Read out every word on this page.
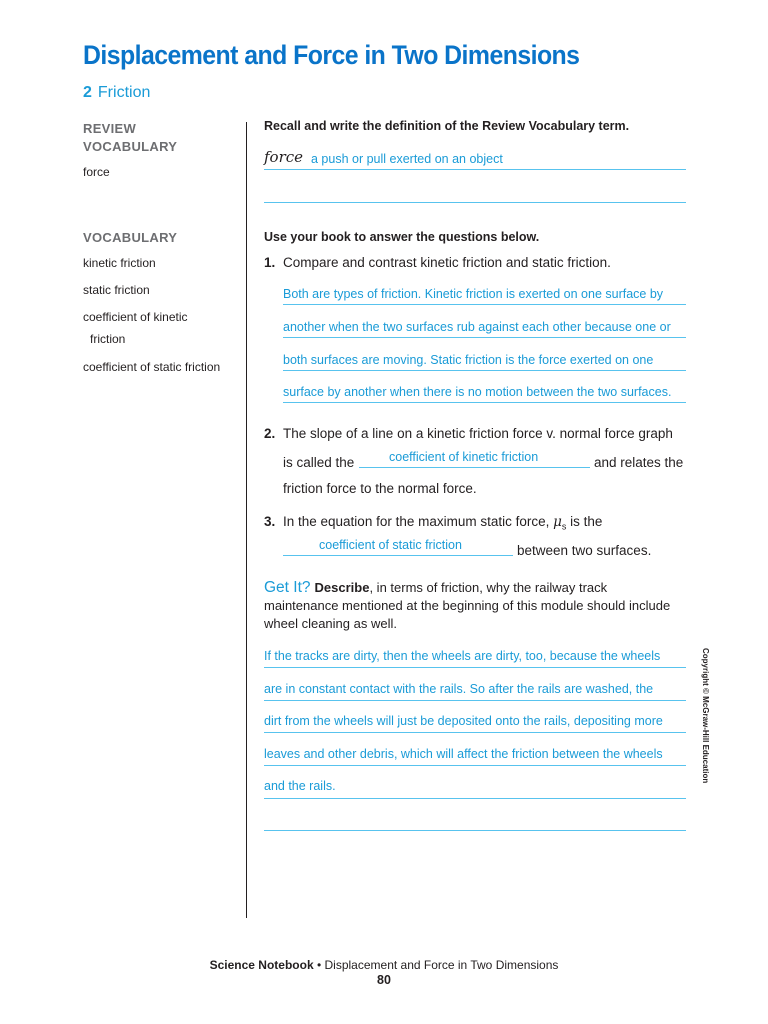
Displacement and Force in Two Dimensions
2 Friction
REVIEW
VOCABULARY
force
VOCABULARY
kinetic friction
static friction
coefficient of kinetic
friction
coefficient of static friction
Recall and write the definition of the Review Vocabulary term.
force a push or pull exerted on an object
Use your book to answer the questions below.
1. Compare and contrast kinetic friction and static friction.
Both are types of friction. Kinetic friction is exerted on one surface by
another when the two surfaces rub against each other because one or
both surfaces are moving. Static friction is the force exerted on one
surface by another when there is no motion between the two surfaces.
2. The slope of a line on a kinetic friction force v. normal force graph
is called the	coefficient of kinetic friction	and relates the
friction force to the normal force.
3. In the equation for the maximum static force, $\mu_s$ is the
coefficient of static friction	between two surfaces.
Get It? Describe, in terms of friction, why the railway track maintenance mentioned at the beginning of this module should include wheel cleaning as well.
If the tracks are dirty, then the wheels are dirty, too, because the wheels
are in constant contact with the rails. So after the rails are washed, the
dirt from the wheels will just be deposited onto the rails, depositing more
leaves and other debris, which will affect the friction between the wheels
and the rails.
Copyright © McGraw-Hill Education
Science Notebook • Displacement and Force in Two Dimensions
80
